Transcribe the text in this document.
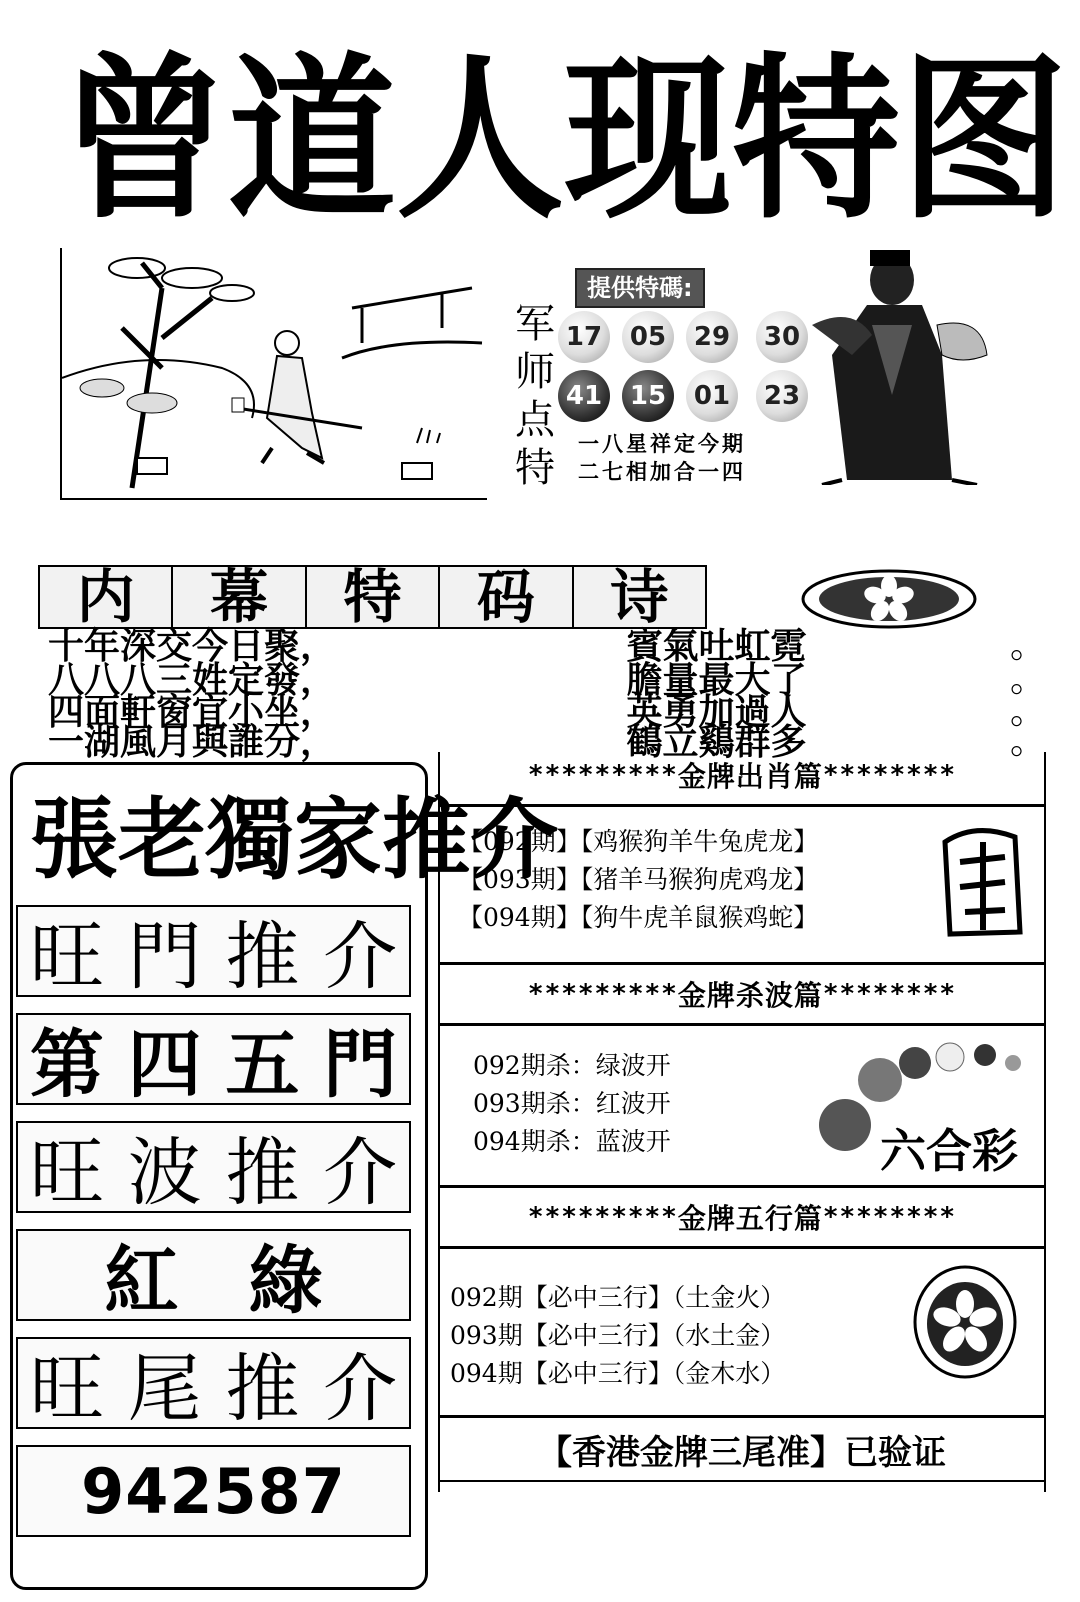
曾 道 人 现 特 图
军
师
点
特
提供特碼:
17	05	29	30
41	15	01	23
一八星祥定今期
二七相加合一四
内	幕	特	码	诗
十年深交今日聚，	賓氣吐虹霓	。
八八八三姓定發，	膽量最大了	。
四面軒窗宜小坐，	英勇加過人	。
一湖風月與誰分，	鶴立鷄群多	。
張 老 獨 家 推 介
旺 門 推 介
第 四 五 門
旺 波 推 介
紅 綠
旺 尾 推 介
942587
********* 金牌出肖篇 ********
【092期】【鸡猴狗羊牛兔虎龙】
【093期】【猪羊马猴狗虎鸡龙】
【094期】【狗牛虎羊鼠猴鸡蛇】
********* 金牌杀波篇 ********
092期杀：绿波开
093期杀：红波开
094期杀：蓝波开	六合彩
********* 金牌五行篇 ********
092期【必中三行】（土金火）
093期【必中三行】（水土金）
094期【必中三行】（金木水）
【香港金牌三尾准】已验证
